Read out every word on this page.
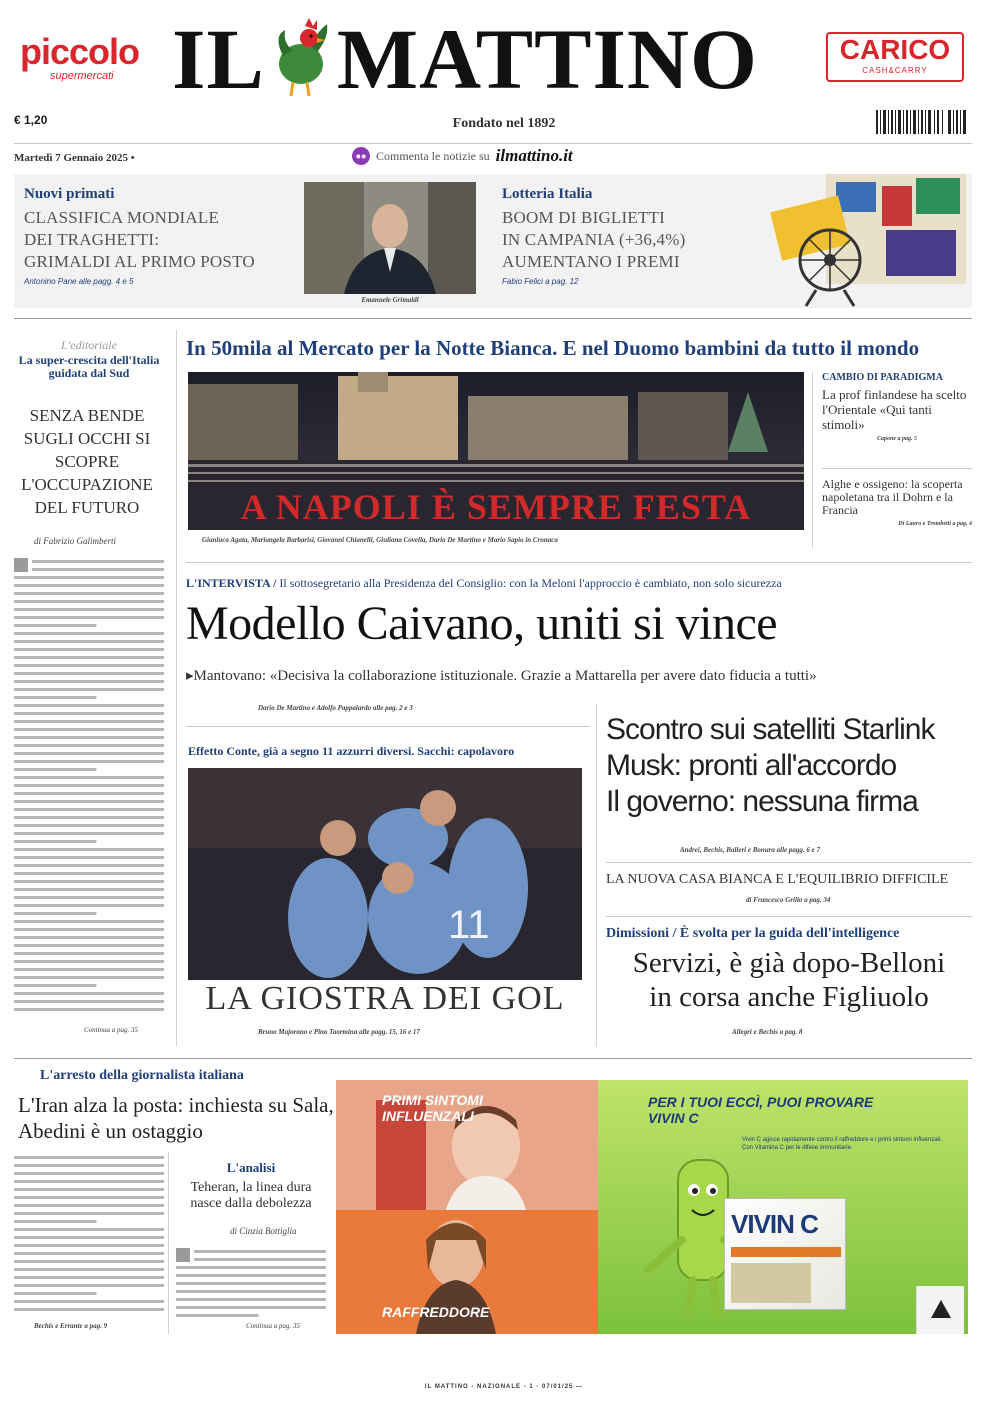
piccolo
supermercati IL MATTINO	CARICO
CASH&CARRY
€ 1,20	Fondato nel 1892
Martedì 7 Gennaio 2025 •	●● Commenta le notizie su ilmattino.it
Nuovi primati
CLASSIFICA MONDIALE
DEI TRAGHETTI:
GRIMALDI AL PRIMO POSTO
Antonino Pane alle pagg. 4 e 5
Emanuele Grimaldi
Lotteria Italia
BOOM DI BIGLIETTI
IN CAMPANIA (+36,4%)
AUMENTANO I PREMI
Fabio Felici a pag. 12
L'editoriale
La super-crescita dell'Italia guidata dal Sud
SENZA BENDE SUGLI OCCHI SI SCOPRE L'OCCUPAZIONE DEL FUTURO
di Fabrizio Galimberti
Continua a pag. 35
In 50mila al Mercato per la Notte Bianca. E nel Duomo bambini da tutto il mondo
A NAPOLI È SEMPRE FESTA
Gianluca Agata, Mariangela Barbarisi, Giovanni Chianelli, Giuliana Covella, Dario De Martino e Mario Sapio in Cronaca
CAMBIO DI PARADIGMA
La prof finlandese ha scelto l'Orientale «Qui tanti stimoli»
Capone a pag. 5
Alghe e ossigeno: la scoperta napoletana tra il Dohrn e la Francia
Di Lauro e Trombetti a pag. 4
L'INTERVISTA / Il sottosegretario alla Presidenza del Consiglio: con la Meloni l'approccio è cambiato, non solo sicurezza
Modello Caivano, uniti si vince
▸Mantovano: «Decisiva la collaborazione istituzionale. Grazie a Mattarella per avere dato fiducia a tutti»
Dario De Martino e Adolfo Pappalardo alle pag. 2 e 3
Effetto Conte, già a segno 11 azzurri diversi. Sacchi: capolavoro
11
LA GIOSTRA DEI GOL
Bruno Majorano e Pino Taormina alle pagg. 15, 16 e 17
Scontro sui satelliti Starlink
Musk: pronti all'accordo
Il governo: nessuna firma
Andrei, Bechis, Balleri e Bonura alle pagg. 6 e 7
LA NUOVA CASA BIANCA E L'EQUILIBRIO DIFFICILE
di Francesco Grillo a pag. 34
Dimissioni / È svolta per la guida dell'intelligence
Servizi, è già dopo-Belloni
in corsa anche Figliuolo
Allegri e Bechis a pag. 8
L'arresto della giornalista italiana
L'Iran alza la posta: inchiesta su Sala, Abedini è un ostaggio
Bechis e Errante a pag. 9
L'analisi
Teheran, la linea dura nasce dalla debolezza
di Cinzia Bottiglia
Continua a pag. 35
PRIMI SINTOMI INFLUENZALI
RAFFREDDORE
PER I TUOI ECCÌ, PUOI PROVARE VIVIN C
Vivin C agisce rapidamente contro il raffreddore e i primi sintomi influenzali. Con Vitamina C per le difese immunitarie.
VIVIN C
IL MATTINO - NAZIONALE - 1 - 07/01/25 —
